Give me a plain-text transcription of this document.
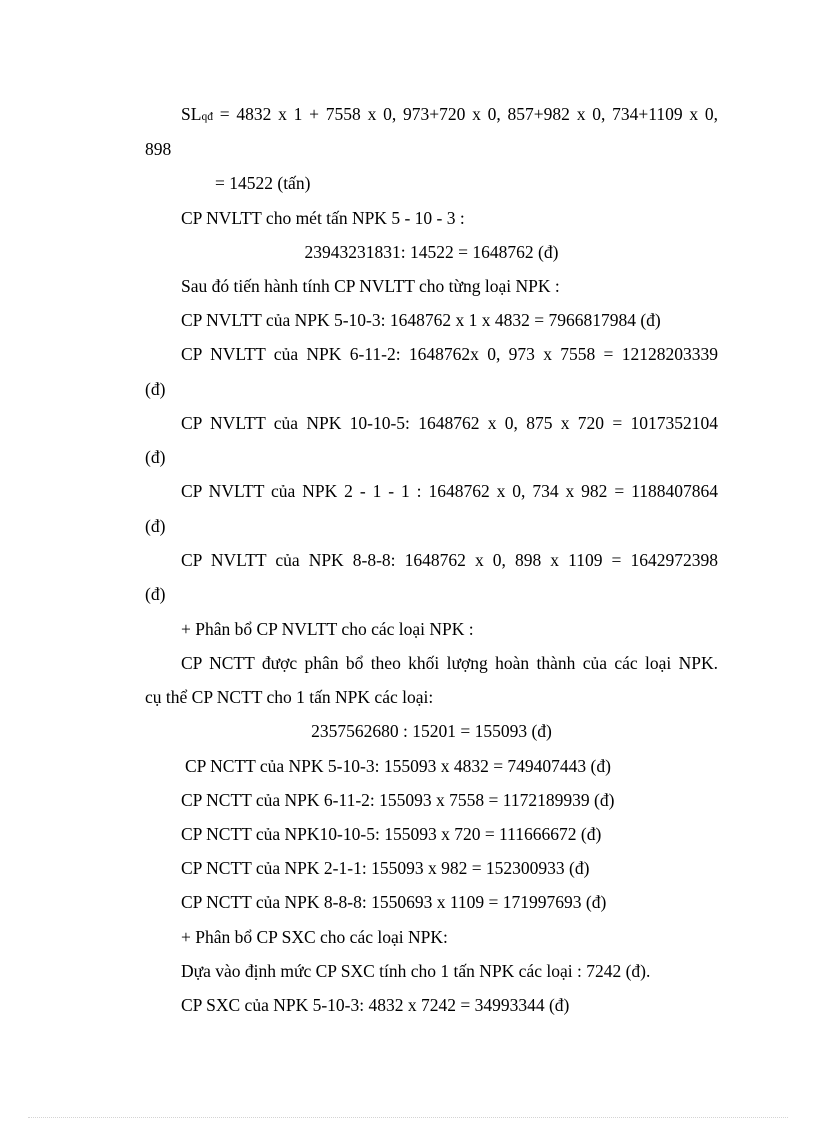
SLqđ = 4832 x 1 + 7558 x 0, 973+720 x 0, 857+982 x 0, 734+1109 x 0,
898
= 14522 (tấn)
CP NVLTT cho mét tấn NPK 5 - 10 - 3 :
23943231831: 14522 = 1648762 (đ)
Sau đó tiến hành tính CP NVLTT cho từng loại NPK :
CP NVLTT của NPK 5-10-3: 1648762 x 1 x 4832 = 7966817984 (đ)
CP NVLTT của NPK 6-11-2: 1648762x 0, 973 x 7558 = 12128203339
(đ)
CP NVLTT của NPK 10-10-5: 1648762 x 0, 875 x 720 = 1017352104
(đ)
CP NVLTT của NPK 2 - 1 - 1 : 1648762 x 0, 734 x 982 = 1188407864
(đ)
CP NVLTT của NPK 8-8-8: 1648762 x 0, 898 x 1109 = 1642972398
(đ)
+ Phân bổ CP NVLTT cho các loại NPK :
CP NCTT được phân bổ theo khối lượng hoàn thành của các loại NPK.
cụ thể CP NCTT cho 1 tấn NPK các loại:
2357562680 : 15201 = 155093 (đ)
CP NCTT của NPK 5-10-3: 155093 x 4832 = 749407443 (đ)
CP NCTT của NPK 6-11-2: 155093 x 7558 = 1172189939 (đ)
CP NCTT của NPK10-10-5: 155093 x 720 = 111666672 (đ)
CP NCTT của NPK 2-1-1: 155093 x 982 = 152300933 (đ)
CP NCTT của NPK 8-8-8: 1550693 x 1109 = 171997693 (đ)
+ Phân bổ CP SXC cho các loại NPK:
Dựa vào định mức CP SXC tính cho 1 tấn NPK các loại : 7242 (đ).
CP SXC của NPK 5-10-3: 4832 x 7242 = 34993344 (đ)
